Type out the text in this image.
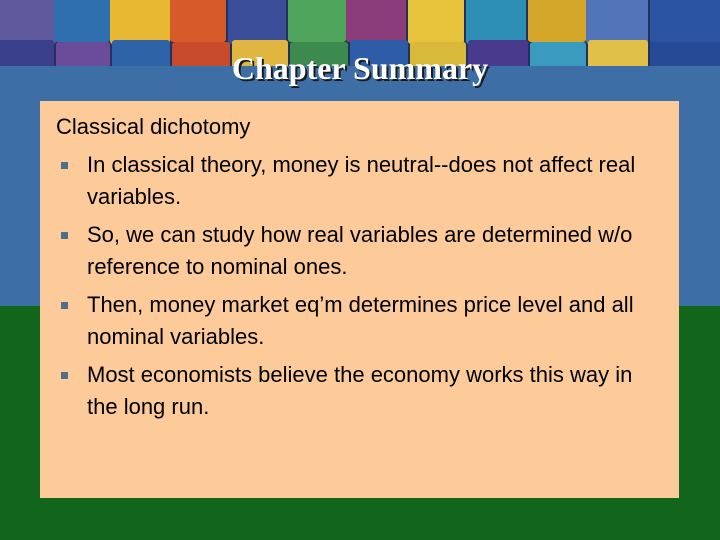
Chapter Summary
Classical dichotomy
In classical theory, money is neutral--does not affect real variables.
So, we can study how real variables are determined w/o reference to nominal ones.
Then, money market eq’m determines price level and all nominal variables.
Most economists believe the economy works this way in the long run.
